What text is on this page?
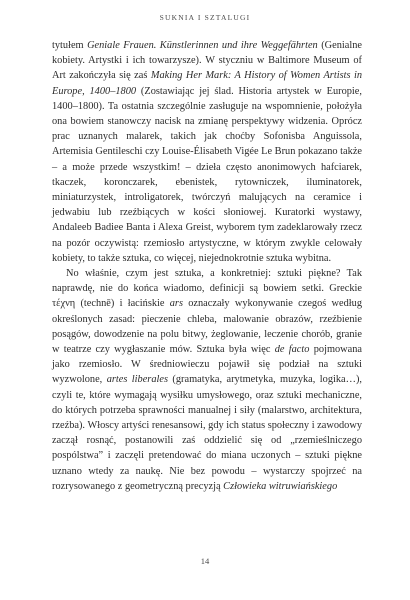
SUKNIA I SZTALUGI

tytułem Geniale Frauen. Künstlerinnen und ihre Weggefährten (Genialne kobiety. Artystki i ich towarzysze). W styczniu w Baltimore Museum of Art zakończyła się zaś Making Her Mark: A History of Women Artists in Europe, 1400–1800 (Zostawiając jej ślad. Historia artystek w Europie, 1400–1800). Ta ostatnia szczególnie zasługuje na wspomnienie, położyła ona bowiem stanowczy nacisk na zmianę perspektywy widzenia. Oprócz prac uznanych malarek, takich jak choćby Sofonisba Anguissola, Artemisia Gentileschi czy Louise-Élisabeth Vigée Le Brun pokazano także – a może przede wszystkim! – dzieła często anonimowych hafciarek, tkaczek, koronczarek, ebenistek, rytowniczek, iluminatorek, miniaturzystek, introligatorek, twórczyń malujących na ceramice i jedwabiu lub rzeźbiących w kości słoniowej. Kuratorki wystawy, Andaleeb Badiee Banta i Alexa Greist, wyborem tym zadeklarowały rzecz na pozór oczywistą: rzemiosło artystyczne, w którym zwykle celowały kobiety, to także sztuka, co więcej, niejednokrotnie sztuka wybitna.

No właśnie, czym jest sztuka, a konkretniej: sztuki piękne? Tak naprawdę, nie do końca wiadomo, definicji są bowiem setki. Greckie τέχνη (technē) i łacińskie ars oznaczały wykonywanie czegoś według określonych zasad: pieczenie chleba, malowanie obrazów, rzeźbienie posągów, dowodzenie na polu bitwy, żeglowanie, leczenie chorób, granie w teatrze czy wygłaszanie mów. Sztuka była więc de facto pojmowana jako rzemiosło. W średniowieczu pojawił się podział na sztuki wyzwolone, artes liberales (gramatyka, arytmetyka, muzyka, logika…), czyli te, które wymagają wysiłku umysłowego, oraz sztuki mechaniczne, do których potrzeba sprawności manualnej i siły (malarstwo, architektura, rzeźba). Włoscy artyści renesansowi, gdy ich status społeczny i zawodowy zaczął rosnąć, postanowili zaś oddzielić się od „rzemieślniczego pospólstwa” i zaczęli pretendować do miana uczonych – sztuki piękne uznano wtedy za naukę. Nie bez powodu – wystarczy spojrzeć na rozrysowanego z geometryczną precyzją Człowieka witruwiańskiego

14
